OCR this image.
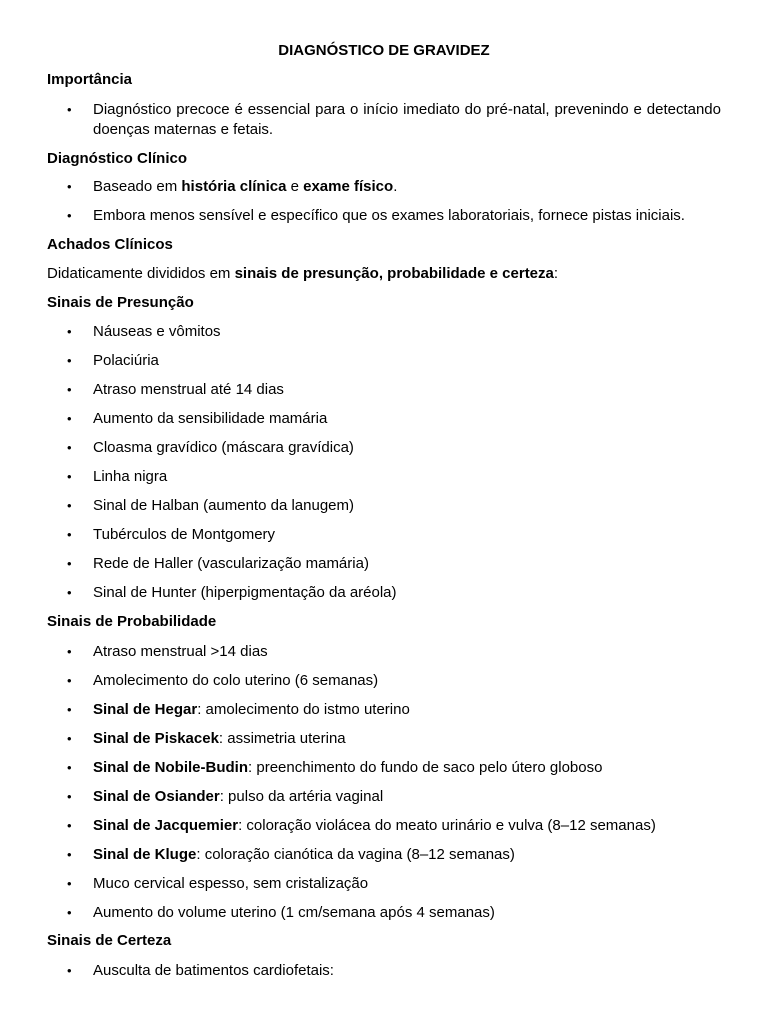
DIAGNÓSTICO DE GRAVIDEZ
Importância
• Diagnóstico precoce é essencial para o início imediato do pré-natal, prevenindo e detectando doenças maternas e fetais.
Diagnóstico Clínico
• Baseado em história clínica e exame físico.
• Embora menos sensível e específico que os exames laboratoriais, fornece pistas iniciais.
Achados Clínicos
Didaticamente divididos em sinais de presunção, probabilidade e certeza:
Sinais de Presunção
• Náuseas e vômitos
• Polaciúria
• Atraso menstrual até 14 dias
• Aumento da sensibilidade mamária
• Cloasma gravídico (máscara gravídica)
• Linha nigra
• Sinal de Halban (aumento da lanugem)
• Tubérculos de Montgomery
• Rede de Haller (vascularização mamária)
• Sinal de Hunter (hiperpigmentação da aréola)
Sinais de Probabilidade
• Atraso menstrual >14 dias
• Amolecimento do colo uterino (6 semanas)
• Sinal de Hegar: amolecimento do istmo uterino
• Sinal de Piskacek: assimetria uterina
• Sinal de Nobile-Budin: preenchimento do fundo de saco pelo útero globoso
• Sinal de Osiander: pulso da artéria vaginal
• Sinal de Jacquemier: coloração violácea do meato urinário e vulva (8–12 semanas)
• Sinal de Kluge: coloração cianótica da vagina (8–12 semanas)
• Muco cervical espesso, sem cristalização
• Aumento do volume uterino (1 cm/semana após 4 semanas)
Sinais de Certeza
• Ausculta de batimentos cardiofetais:
